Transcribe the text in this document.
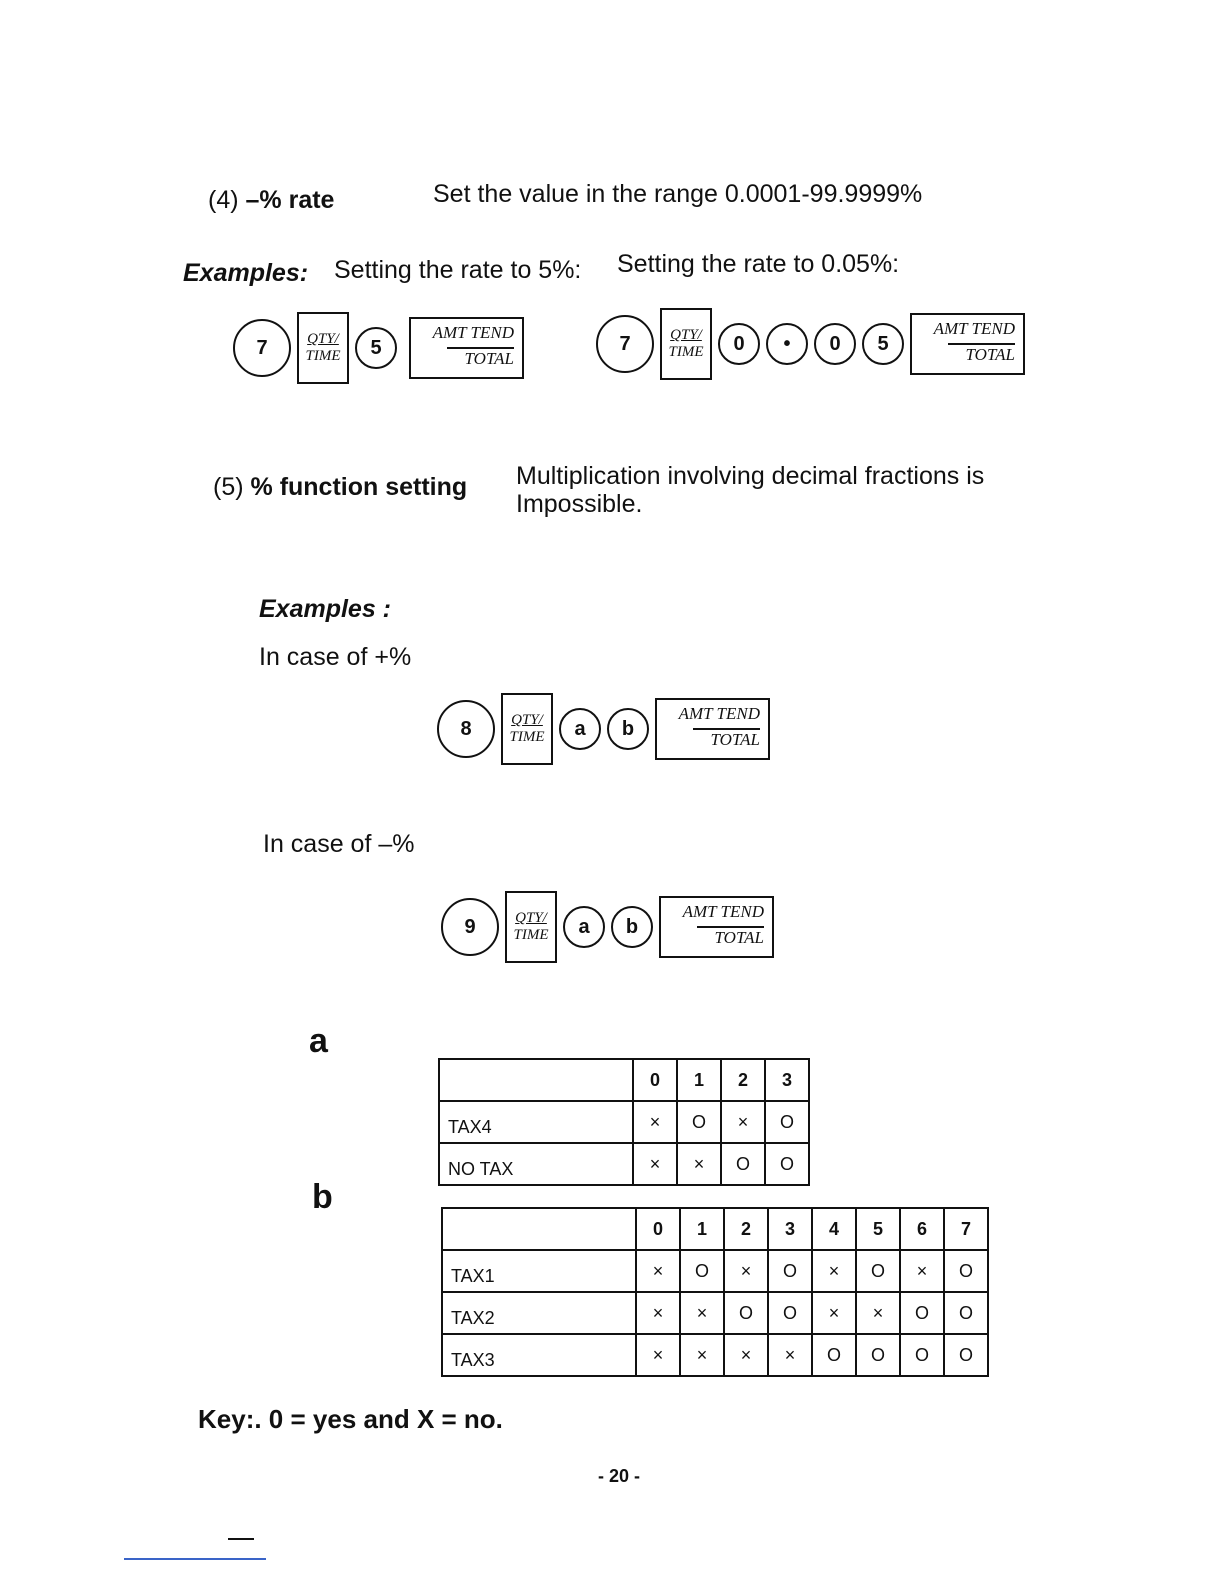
(4) –% rate	Set the value in the range 0.0001-99.9999%
Examples: Setting the rate to 5%: Setting the rate to 0.05%:
7	QTY/
TIME	5
AMT TEND
TOTAL
7	QTY/
TIME	0	•	0	5
AMT TEND
TOTAL
(5) % function setting Multiplication involving decimal fractions is
Impossible.
Examples :
In case of +%
8	QTY/
TIME	a	b
AMT TEND
TOTAL
In case of –%
9	QTY/
TIME	a	b
AMT TEND
TOTAL
a
	0	1	2	3
TAX4	×	O	×	O
NO TAX	×	×	O	O
b
	0	1	2	3	4	5	6	7
TAX1	×	O	×	O	×	O	×	O
TAX2	×	×	O	O	×	×	O	O
TAX3	×	×	×	×	O	O	O	O
Key:. 0 = yes and X = no.
- 20 -
